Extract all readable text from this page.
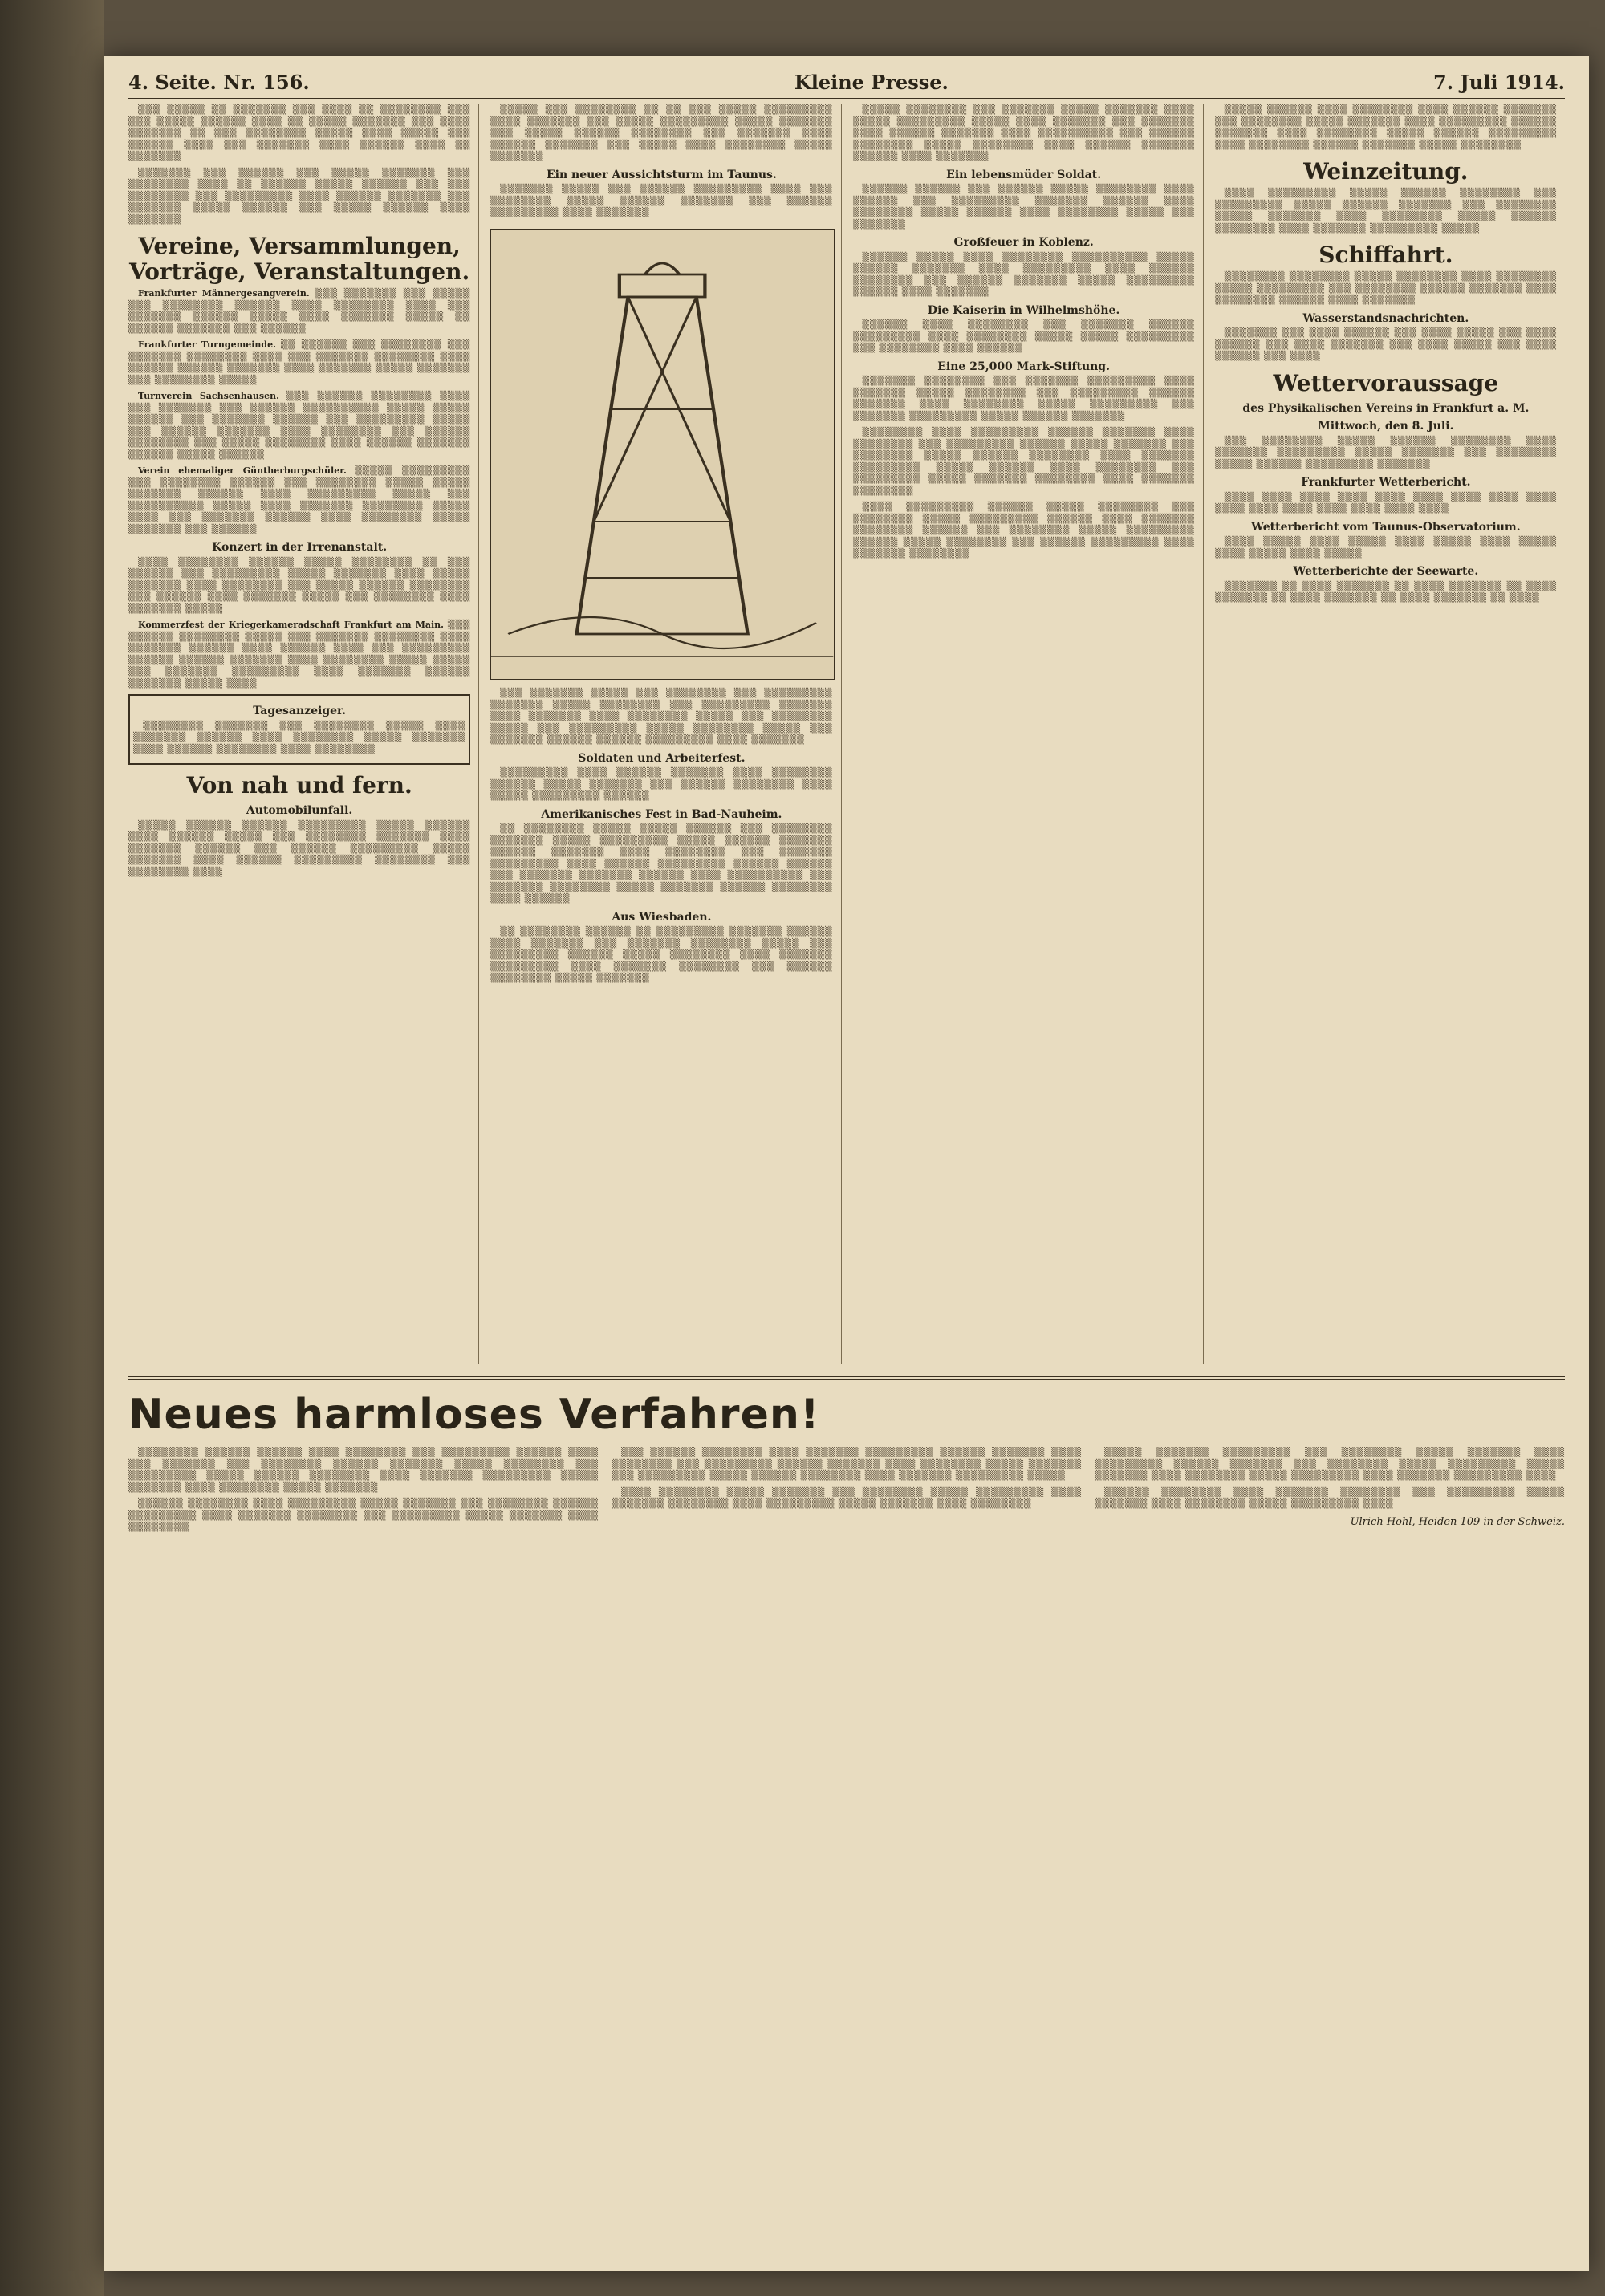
4. Seite. Nr. 156.	Kleine Presse.	7. Juli 1914.

▒▒▒ ▒▒▒▒▒ ▒▒ ▒▒▒▒▒▒▒ ▒▒▒ ▒▒▒▒ ▒▒ ▒▒▒▒▒▒▒▒ ▒▒▒ ▒▒▒ ▒▒▒▒▒ ▒▒▒▒▒▒ ▒▒▒▒ ▒▒ ▒▒▒▒▒ ▒▒▒▒▒▒▒ ▒▒▒ ▒▒▒▒ ▒▒▒▒▒▒▒ ▒▒ ▒▒▒ ▒▒▒▒▒▒▒▒ ▒▒▒▒▒ ▒▒▒▒ ▒▒▒▒▒ ▒▒▒ ▒▒▒▒▒▒ ▒▒▒▒ ▒▒▒ ▒▒▒▒▒▒▒ ▒▒▒▒ ▒▒▒▒▒▒ ▒▒▒▒ ▒▒ ▒▒▒▒▒▒▒

▒▒▒▒▒▒▒ ▒▒▒ ▒▒▒▒▒▒ ▒▒▒ ▒▒▒▒▒ ▒▒▒▒▒▒▒ ▒▒▒ ▒▒▒▒▒▒▒▒ ▒▒▒▒ ▒▒ ▒▒▒▒▒▒ ▒▒▒▒▒ ▒▒▒▒▒▒ ▒▒▒ ▒▒▒ ▒▒▒▒▒▒▒▒ ▒▒▒ ▒▒▒▒▒▒▒▒▒ ▒▒▒▒ ▒▒▒▒▒▒ ▒▒▒▒▒▒▒ ▒▒▒ ▒▒▒▒▒▒▒ ▒▒▒▒▒ ▒▒▒▒▒▒ ▒▒▒ ▒▒▒▒▒ ▒▒▒▒▒▒ ▒▒▒▒ ▒▒▒▒▒▒▒

Vereine, Versammlungen, Vorträge, Veranstaltungen.

Frankfurter Männergesangverein. ▒▒▒ ▒▒▒▒▒▒▒ ▒▒▒ ▒▒▒▒▒ ▒▒▒ ▒▒▒▒▒▒▒▒ ▒▒▒▒▒▒ ▒▒▒▒ ▒▒▒▒▒▒▒▒ ▒▒▒▒ ▒▒▒ ▒▒▒▒▒▒▒ ▒▒▒▒▒▒ ▒▒▒▒▒ ▒▒▒▒ ▒▒▒▒▒▒▒ ▒▒▒▒▒ ▒▒ ▒▒▒▒▒▒ ▒▒▒▒▒▒▒ ▒▒▒ ▒▒▒▒▒▒

Frankfurter Turngemeinde. ▒▒ ▒▒▒▒▒▒ ▒▒▒ ▒▒▒▒▒▒▒▒ ▒▒▒ ▒▒▒▒▒▒▒ ▒▒▒▒▒▒▒▒ ▒▒▒▒ ▒▒▒ ▒▒▒▒▒▒▒ ▒▒▒▒▒▒▒▒ ▒▒▒▒ ▒▒▒▒▒▒ ▒▒▒▒▒▒ ▒▒▒▒▒▒▒ ▒▒▒▒ ▒▒▒▒▒▒▒ ▒▒▒▒▒ ▒▒▒▒▒▒▒ ▒▒▒ ▒▒▒▒▒▒▒▒ ▒▒▒▒▒

Turnverein Sachsenhausen. ▒▒▒ ▒▒▒▒▒▒ ▒▒▒▒▒▒▒▒ ▒▒▒▒ ▒▒▒ ▒▒▒▒▒▒▒ ▒▒▒ ▒▒▒▒▒▒ ▒▒▒▒▒▒▒▒▒▒ ▒▒▒▒▒ ▒▒▒▒▒ ▒▒▒▒▒▒ ▒▒▒ ▒▒▒▒▒▒▒ ▒▒▒▒▒▒ ▒▒▒ ▒▒▒▒▒▒▒▒▒ ▒▒▒▒▒ ▒▒▒ ▒▒▒▒▒▒ ▒▒▒▒▒▒▒ ▒▒▒▒ ▒▒▒▒▒▒▒▒ ▒▒▒ ▒▒▒▒▒▒ ▒▒▒▒▒▒▒▒ ▒▒▒ ▒▒▒▒▒ ▒▒▒▒▒▒▒▒ ▒▒▒▒ ▒▒▒▒▒▒ ▒▒▒▒▒▒▒ ▒▒▒▒▒▒ ▒▒▒▒▒ ▒▒▒▒▒▒

Verein ehemaliger Güntherburgschüler. ▒▒▒▒▒ ▒▒▒▒▒▒▒▒▒ ▒▒▒ ▒▒▒▒▒▒▒▒ ▒▒▒▒▒▒ ▒▒▒ ▒▒▒▒▒▒▒▒ ▒▒▒▒▒ ▒▒▒▒▒ ▒▒▒▒▒▒▒ ▒▒▒▒▒▒ ▒▒▒▒ ▒▒▒▒▒▒▒▒▒ ▒▒▒▒▒ ▒▒▒ ▒▒▒▒▒▒▒▒▒▒ ▒▒▒▒▒ ▒▒▒▒ ▒▒▒▒▒▒▒ ▒▒▒▒▒▒▒▒ ▒▒▒▒▒ ▒▒▒▒ ▒▒▒ ▒▒▒▒▒▒▒ ▒▒▒▒▒▒ ▒▒▒▒ ▒▒▒▒▒▒▒▒ ▒▒▒▒▒ ▒▒▒▒▒▒▒ ▒▒▒ ▒▒▒▒▒▒

Konzert in der Irrenanstalt.

▒▒▒▒ ▒▒▒▒▒▒▒▒ ▒▒▒▒▒▒ ▒▒▒▒▒ ▒▒▒▒▒▒▒▒ ▒▒ ▒▒▒ ▒▒▒▒▒▒ ▒▒▒ ▒▒▒▒▒▒▒▒▒ ▒▒▒▒▒ ▒▒▒▒▒▒▒ ▒▒▒▒ ▒▒▒▒▒ ▒▒▒▒▒▒▒ ▒▒▒▒ ▒▒▒▒▒▒▒▒ ▒▒▒ ▒▒▒▒▒ ▒▒▒▒▒▒ ▒▒▒▒▒▒▒▒ ▒▒▒ ▒▒▒▒▒▒ ▒▒▒▒ ▒▒▒▒▒▒▒ ▒▒▒▒▒ ▒▒▒ ▒▒▒▒▒▒▒▒ ▒▒▒▒ ▒▒▒▒▒▒▒ ▒▒▒▒▒

Kommerzfest der Kriegerkameradschaft Frankfurt am Main. ▒▒▒ ▒▒▒▒▒▒ ▒▒▒▒▒▒▒▒ ▒▒▒▒▒ ▒▒▒ ▒▒▒▒▒▒▒ ▒▒▒▒▒▒▒▒ ▒▒▒▒ ▒▒▒▒▒▒▒ ▒▒▒▒▒▒ ▒▒▒▒ ▒▒▒▒▒▒ ▒▒▒▒ ▒▒▒ ▒▒▒▒▒▒▒▒▒ ▒▒▒▒▒▒ ▒▒▒▒▒▒ ▒▒▒▒▒▒▒ ▒▒▒▒ ▒▒▒▒▒▒▒▒ ▒▒▒▒▒ ▒▒▒▒▒ ▒▒▒ ▒▒▒▒▒▒▒ ▒▒▒▒▒▒▒▒▒ ▒▒▒▒ ▒▒▒▒▒▒▒ ▒▒▒▒▒▒ ▒▒▒▒▒▒▒ ▒▒▒▒▒ ▒▒▒▒

Tagesanzeiger.

▒▒▒▒▒▒▒▒ ▒▒▒▒▒▒▒ ▒▒▒ ▒▒▒▒▒▒▒▒ ▒▒▒▒▒ ▒▒▒▒ ▒▒▒▒▒▒▒ ▒▒▒▒▒▒ ▒▒▒▒ ▒▒▒▒▒▒▒▒ ▒▒▒▒▒ ▒▒▒▒▒▒▒ ▒▒▒▒ ▒▒▒▒▒▒ ▒▒▒▒▒▒▒▒ ▒▒▒▒ ▒▒▒▒▒▒▒▒

Von nah und fern.
Automobilunfall.

▒▒▒▒▒ ▒▒▒▒▒▒ ▒▒▒▒▒▒ ▒▒▒▒▒▒▒▒▒ ▒▒▒▒▒ ▒▒▒▒▒▒ ▒▒▒▒ ▒▒▒▒▒▒ ▒▒▒▒▒ ▒▒▒ ▒▒▒▒▒▒▒▒ ▒▒▒▒▒▒▒ ▒▒▒▒ ▒▒▒▒▒▒▒ ▒▒▒▒▒▒ ▒▒▒ ▒▒▒▒▒▒ ▒▒▒▒▒▒▒▒▒ ▒▒▒▒▒ ▒▒▒▒▒▒▒ ▒▒▒▒ ▒▒▒▒▒▒ ▒▒▒▒▒▒▒▒▒ ▒▒▒▒▒▒▒▒ ▒▒▒ ▒▒▒▒▒▒▒▒ ▒▒▒▒

▒▒▒▒▒ ▒▒▒ ▒▒▒▒▒▒▒▒ ▒▒ ▒▒ ▒▒▒ ▒▒▒▒▒ ▒▒▒▒▒▒▒▒▒ ▒▒▒▒ ▒▒▒▒▒▒▒ ▒▒▒ ▒▒▒▒▒ ▒▒▒▒▒▒▒▒▒ ▒▒▒▒▒ ▒▒▒▒▒▒▒ ▒▒▒ ▒▒▒▒▒ ▒▒▒▒▒▒ ▒▒▒▒▒▒▒▒ ▒▒▒ ▒▒▒▒▒▒▒ ▒▒▒▒ ▒▒▒▒▒▒ ▒▒▒▒▒▒▒ ▒▒▒ ▒▒▒▒▒ ▒▒▒▒ ▒▒▒▒▒▒▒▒ ▒▒▒▒▒ ▒▒▒▒▒▒▒

Ein neuer Aussichtsturm im Taunus.

▒▒▒▒▒▒▒ ▒▒▒▒▒ ▒▒▒ ▒▒▒▒▒▒ ▒▒▒▒▒▒▒▒▒ ▒▒▒▒ ▒▒▒ ▒▒▒▒▒▒▒▒ ▒▒▒▒▒ ▒▒▒▒▒▒ ▒▒▒▒▒▒▒ ▒▒▒ ▒▒▒▒▒▒ ▒▒▒▒▒▒▒▒▒ ▒▒▒▒ ▒▒▒▒▒▒▒

▒▒▒ ▒▒▒▒▒▒▒ ▒▒▒▒▒ ▒▒▒ ▒▒▒▒▒▒▒▒ ▒▒▒ ▒▒▒▒▒▒▒▒▒ ▒▒▒▒▒▒▒ ▒▒▒▒▒ ▒▒▒▒▒▒▒▒ ▒▒▒ ▒▒▒▒▒▒▒▒▒ ▒▒▒▒▒▒▒ ▒▒▒▒ ▒▒▒▒▒▒▒ ▒▒▒▒ ▒▒▒▒▒▒▒▒ ▒▒▒▒▒ ▒▒▒ ▒▒▒▒▒▒▒▒ ▒▒▒▒▒ ▒▒▒ ▒▒▒▒▒▒▒▒▒ ▒▒▒▒▒ ▒▒▒▒▒▒▒▒ ▒▒▒▒▒ ▒▒▒ ▒▒▒▒▒▒▒ ▒▒▒▒▒▒ ▒▒▒▒▒▒ ▒▒▒▒▒▒▒▒▒ ▒▒▒▒ ▒▒▒▒▒▒▒

Soldaten und Arbeiterfest.

▒▒▒▒▒▒▒▒▒ ▒▒▒▒ ▒▒▒▒▒▒ ▒▒▒▒▒▒▒ ▒▒▒▒ ▒▒▒▒▒▒▒▒ ▒▒▒▒▒▒ ▒▒▒▒▒ ▒▒▒▒▒▒▒ ▒▒▒ ▒▒▒▒▒▒ ▒▒▒▒▒▒▒▒ ▒▒▒▒ ▒▒▒▒▒ ▒▒▒▒▒▒▒▒▒ ▒▒▒▒▒▒

Amerikanisches Fest in Bad-Nauheim.

▒▒ ▒▒▒▒▒▒▒▒ ▒▒▒▒▒ ▒▒▒▒▒ ▒▒▒▒▒▒ ▒▒▒ ▒▒▒▒▒▒▒▒ ▒▒▒▒▒▒▒ ▒▒▒▒▒ ▒▒▒▒▒▒▒▒▒ ▒▒▒▒▒ ▒▒▒▒▒▒ ▒▒▒▒▒▒▒ ▒▒▒▒▒▒ ▒▒▒▒▒▒▒ ▒▒▒▒ ▒▒▒▒▒▒▒▒ ▒▒▒ ▒▒▒▒▒▒▒ ▒▒▒▒▒▒▒▒▒ ▒▒▒▒ ▒▒▒▒▒▒ ▒▒▒▒▒▒▒▒▒ ▒▒▒▒▒▒ ▒▒▒▒▒▒ ▒▒▒ ▒▒▒▒▒▒▒ ▒▒▒▒▒▒▒ ▒▒▒▒▒▒ ▒▒▒▒ ▒▒▒▒▒▒▒▒▒▒ ▒▒▒ ▒▒▒▒▒▒▒ ▒▒▒▒▒▒▒▒ ▒▒▒▒▒ ▒▒▒▒▒▒▒ ▒▒▒▒▒▒ ▒▒▒▒▒▒▒▒ ▒▒▒▒ ▒▒▒▒▒▒

Aus Wiesbaden.

▒▒ ▒▒▒▒▒▒▒▒ ▒▒▒▒▒▒ ▒▒ ▒▒▒▒▒▒▒▒▒ ▒▒▒▒▒▒▒ ▒▒▒▒▒▒ ▒▒▒▒ ▒▒▒▒▒▒▒ ▒▒▒ ▒▒▒▒▒▒▒ ▒▒▒▒▒▒▒▒ ▒▒▒▒▒ ▒▒▒ ▒▒▒▒▒▒▒▒▒ ▒▒▒▒▒▒ ▒▒▒▒▒ ▒▒▒▒▒▒▒▒ ▒▒▒▒ ▒▒▒▒▒▒▒ ▒▒▒▒▒▒▒▒▒ ▒▒▒▒ ▒▒▒▒▒▒▒ ▒▒▒▒▒▒▒▒ ▒▒▒ ▒▒▒▒▒▒ ▒▒▒▒▒▒▒▒ ▒▒▒▒▒ ▒▒▒▒▒▒▒

▒▒▒▒▒ ▒▒▒▒▒▒▒▒ ▒▒▒ ▒▒▒▒▒▒▒ ▒▒▒▒▒ ▒▒▒▒▒▒▒ ▒▒▒▒ ▒▒▒▒▒ ▒▒▒▒▒▒▒▒▒ ▒▒▒▒▒ ▒▒▒▒ ▒▒▒▒▒▒▒ ▒▒▒ ▒▒▒▒▒▒▒ ▒▒▒▒ ▒▒▒▒▒▒ ▒▒▒▒▒▒▒ ▒▒▒▒ ▒▒▒▒▒▒▒▒▒▒ ▒▒▒ ▒▒▒▒▒▒ ▒▒▒▒▒▒▒▒ ▒▒▒▒▒ ▒▒▒▒▒▒▒▒ ▒▒▒▒ ▒▒▒▒▒▒ ▒▒▒▒▒▒▒ ▒▒▒▒▒▒ ▒▒▒▒ ▒▒▒▒▒▒▒

Ein lebensmüder Soldat.

▒▒▒▒▒▒ ▒▒▒▒▒▒ ▒▒▒ ▒▒▒▒▒▒ ▒▒▒▒▒ ▒▒▒▒▒▒▒▒ ▒▒▒▒ ▒▒▒▒▒▒ ▒▒▒ ▒▒▒▒▒▒▒▒▒ ▒▒▒▒▒▒▒ ▒▒▒▒▒▒ ▒▒▒▒ ▒▒▒▒▒▒▒▒ ▒▒▒▒▒ ▒▒▒▒▒▒ ▒▒▒▒ ▒▒▒▒▒▒▒▒ ▒▒▒▒▒ ▒▒▒ ▒▒▒▒▒▒▒

Großfeuer in Koblenz.

▒▒▒▒▒▒ ▒▒▒▒▒ ▒▒▒▒ ▒▒▒▒▒▒▒▒ ▒▒▒▒▒▒▒▒▒▒ ▒▒▒▒▒ ▒▒▒▒▒▒ ▒▒▒▒▒▒▒ ▒▒▒▒ ▒▒▒▒▒▒▒▒▒ ▒▒▒▒ ▒▒▒▒▒▒ ▒▒▒▒▒▒▒▒ ▒▒▒ ▒▒▒▒▒▒ ▒▒▒▒▒▒▒ ▒▒▒▒▒ ▒▒▒▒▒▒▒▒▒ ▒▒▒▒▒▒ ▒▒▒▒ ▒▒▒▒▒▒▒

Die Kaiserin in Wilhelmshöhe.

▒▒▒▒▒▒ ▒▒▒▒ ▒▒▒▒▒▒▒▒ ▒▒▒ ▒▒▒▒▒▒▒ ▒▒▒▒▒▒ ▒▒▒▒▒▒▒▒▒ ▒▒▒▒ ▒▒▒▒▒▒▒▒ ▒▒▒▒▒ ▒▒▒▒▒ ▒▒▒▒▒▒▒▒▒ ▒▒▒ ▒▒▒▒▒▒▒▒ ▒▒▒▒ ▒▒▒▒▒▒

Eine 25,000 Mark-Stiftung.

▒▒▒▒▒▒▒ ▒▒▒▒▒▒▒▒ ▒▒▒ ▒▒▒▒▒▒▒ ▒▒▒▒▒▒▒▒▒ ▒▒▒▒ ▒▒▒▒▒▒▒ ▒▒▒▒▒ ▒▒▒▒▒▒▒▒ ▒▒▒ ▒▒▒▒▒▒▒▒▒ ▒▒▒▒▒▒ ▒▒▒▒▒▒▒ ▒▒▒▒ ▒▒▒▒▒▒▒▒ ▒▒▒▒▒ ▒▒▒▒▒▒▒▒▒ ▒▒▒ ▒▒▒▒▒▒▒ ▒▒▒▒▒▒▒▒▒ ▒▒▒▒▒ ▒▒▒▒▒▒ ▒▒▒▒▒▒▒

▒▒▒▒▒▒▒▒ ▒▒▒▒ ▒▒▒▒▒▒▒▒▒ ▒▒▒▒▒▒ ▒▒▒▒▒▒▒ ▒▒▒▒ ▒▒▒▒▒▒▒▒ ▒▒▒ ▒▒▒▒▒▒▒▒▒ ▒▒▒▒▒▒ ▒▒▒▒▒ ▒▒▒▒▒▒▒ ▒▒▒ ▒▒▒▒▒▒▒▒ ▒▒▒▒▒ ▒▒▒▒▒▒ ▒▒▒▒▒▒▒▒ ▒▒▒▒ ▒▒▒▒▒▒▒ ▒▒▒▒▒▒▒▒▒ ▒▒▒▒▒ ▒▒▒▒▒▒ ▒▒▒▒ ▒▒▒▒▒▒▒▒ ▒▒▒ ▒▒▒▒▒▒▒▒▒ ▒▒▒▒▒ ▒▒▒▒▒▒▒ ▒▒▒▒▒▒▒▒ ▒▒▒▒ ▒▒▒▒▒▒▒ ▒▒▒▒▒▒▒▒

▒▒▒▒ ▒▒▒▒▒▒▒▒▒ ▒▒▒▒▒▒ ▒▒▒▒▒ ▒▒▒▒▒▒▒▒ ▒▒▒ ▒▒▒▒▒▒▒▒ ▒▒▒▒▒ ▒▒▒▒▒▒▒▒▒ ▒▒▒▒▒▒ ▒▒▒▒ ▒▒▒▒▒▒▒ ▒▒▒▒▒▒▒▒ ▒▒▒▒▒▒ ▒▒▒ ▒▒▒▒▒▒▒▒ ▒▒▒▒▒ ▒▒▒▒▒▒▒▒▒ ▒▒▒▒▒▒ ▒▒▒▒▒ ▒▒▒▒▒▒▒▒ ▒▒▒ ▒▒▒▒▒▒ ▒▒▒▒▒▒▒▒▒ ▒▒▒▒ ▒▒▒▒▒▒▒ ▒▒▒▒▒▒▒▒

▒▒▒▒▒ ▒▒▒▒▒▒ ▒▒▒▒ ▒▒▒▒▒▒▒▒ ▒▒▒▒ ▒▒▒▒▒▒ ▒▒▒▒▒▒▒ ▒▒▒ ▒▒▒▒▒▒▒▒ ▒▒▒▒▒ ▒▒▒▒▒▒▒ ▒▒▒▒ ▒▒▒▒▒▒▒▒▒ ▒▒▒▒▒▒ ▒▒▒▒▒▒▒ ▒▒▒▒ ▒▒▒▒▒▒▒▒ ▒▒▒▒▒ ▒▒▒▒▒▒ ▒▒▒▒▒▒▒▒▒ ▒▒▒▒ ▒▒▒▒▒▒▒▒ ▒▒▒▒▒▒ ▒▒▒▒▒▒▒ ▒▒▒▒▒ ▒▒▒▒▒▒▒▒

Weinzeitung.

▒▒▒▒ ▒▒▒▒▒▒▒▒▒ ▒▒▒▒▒ ▒▒▒▒▒▒ ▒▒▒▒▒▒▒▒ ▒▒▒ ▒▒▒▒▒▒▒▒▒ ▒▒▒▒▒ ▒▒▒▒▒▒ ▒▒▒▒▒▒▒ ▒▒▒ ▒▒▒▒▒▒▒▒ ▒▒▒▒▒ ▒▒▒▒▒▒▒ ▒▒▒▒ ▒▒▒▒▒▒▒▒ ▒▒▒▒▒ ▒▒▒▒▒▒ ▒▒▒▒▒▒▒▒ ▒▒▒▒ ▒▒▒▒▒▒▒ ▒▒▒▒▒▒▒▒▒ ▒▒▒▒▒

Schiffahrt.

▒▒▒▒▒▒▒▒ ▒▒▒▒▒▒▒▒ ▒▒▒▒▒ ▒▒▒▒▒▒▒▒ ▒▒▒▒ ▒▒▒▒▒▒▒▒ ▒▒▒▒▒ ▒▒▒▒▒▒▒▒▒ ▒▒▒ ▒▒▒▒▒▒▒▒ ▒▒▒▒▒▒ ▒▒▒▒▒▒▒ ▒▒▒▒ ▒▒▒▒▒▒▒▒ ▒▒▒▒▒▒ ▒▒▒▒ ▒▒▒▒▒▒▒

Wasserstandsnachrichten.

▒▒▒▒▒▒▒ ▒▒▒ ▒▒▒▒ ▒▒▒▒▒▒ ▒▒▒ ▒▒▒▒ ▒▒▒▒▒ ▒▒▒ ▒▒▒▒ ▒▒▒▒▒▒ ▒▒▒ ▒▒▒▒ ▒▒▒▒▒▒▒ ▒▒▒ ▒▒▒▒ ▒▒▒▒▒ ▒▒▒ ▒▒▒▒ ▒▒▒▒▒▒ ▒▒▒ ▒▒▒▒

Wettervoraussage
des Physikalischen Vereins in Frankfurt a. M.
Mittwoch, den 8. Juli.

▒▒▒ ▒▒▒▒▒▒▒▒ ▒▒▒▒▒ ▒▒▒▒▒▒ ▒▒▒▒▒▒▒▒ ▒▒▒▒ ▒▒▒▒▒▒▒ ▒▒▒▒▒▒▒▒▒ ▒▒▒▒▒ ▒▒▒▒▒▒▒ ▒▒▒ ▒▒▒▒▒▒▒▒ ▒▒▒▒▒ ▒▒▒▒▒▒ ▒▒▒▒▒▒▒▒▒ ▒▒▒▒▒▒▒

Frankfurter Wetterbericht.

▒▒▒▒ ▒▒▒▒ ▒▒▒▒ ▒▒▒▒ ▒▒▒▒ ▒▒▒▒ ▒▒▒▒ ▒▒▒▒ ▒▒▒▒ ▒▒▒▒ ▒▒▒▒ ▒▒▒▒ ▒▒▒▒ ▒▒▒▒ ▒▒▒▒ ▒▒▒▒

Wetterbericht vom Taunus-Observatorium.

▒▒▒▒ ▒▒▒▒▒ ▒▒▒▒ ▒▒▒▒▒ ▒▒▒▒ ▒▒▒▒▒ ▒▒▒▒ ▒▒▒▒▒ ▒▒▒▒ ▒▒▒▒▒ ▒▒▒▒ ▒▒▒▒▒

Wetterberichte der Seewarte.

▒▒▒▒▒▒▒ ▒▒ ▒▒▒▒ ▒▒▒▒▒▒▒ ▒▒ ▒▒▒▒ ▒▒▒▒▒▒▒ ▒▒ ▒▒▒▒ ▒▒▒▒▒▒▒ ▒▒ ▒▒▒▒ ▒▒▒▒▒▒▒ ▒▒ ▒▒▒▒ ▒▒▒▒▒▒▒ ▒▒ ▒▒▒▒

Neues harmloses Verfahren!

▒▒▒▒▒▒▒▒ ▒▒▒▒▒▒ ▒▒▒▒▒▒ ▒▒▒▒ ▒▒▒▒▒▒▒▒ ▒▒▒ ▒▒▒▒▒▒▒▒▒ ▒▒▒▒▒▒ ▒▒▒▒ ▒▒▒ ▒▒▒▒▒▒▒ ▒▒▒ ▒▒▒▒▒▒▒▒ ▒▒▒▒▒▒ ▒▒▒▒▒▒▒ ▒▒▒▒▒ ▒▒▒▒▒▒▒▒ ▒▒▒ ▒▒▒▒▒▒▒▒▒ ▒▒▒▒▒ ▒▒▒▒▒▒ ▒▒▒▒▒▒▒▒ ▒▒▒▒ ▒▒▒▒▒▒▒ ▒▒▒▒▒▒▒▒▒ ▒▒▒▒▒ ▒▒▒▒▒▒▒ ▒▒▒▒ ▒▒▒▒▒▒▒▒ ▒▒▒▒▒ ▒▒▒▒▒▒▒

▒▒▒▒▒▒ ▒▒▒▒▒▒▒▒ ▒▒▒▒ ▒▒▒▒▒▒▒▒▒ ▒▒▒▒▒ ▒▒▒▒▒▒▒ ▒▒▒ ▒▒▒▒▒▒▒▒ ▒▒▒▒▒▒ ▒▒▒▒▒▒▒▒▒ ▒▒▒▒ ▒▒▒▒▒▒▒ ▒▒▒▒▒▒▒▒ ▒▒▒ ▒▒▒▒▒▒▒▒▒ ▒▒▒▒▒ ▒▒▒▒▒▒▒ ▒▒▒▒ ▒▒▒▒▒▒▒▒

▒▒▒ ▒▒▒▒▒▒ ▒▒▒▒▒▒▒▒ ▒▒▒▒ ▒▒▒▒▒▒▒ ▒▒▒▒▒▒▒▒▒ ▒▒▒▒▒▒ ▒▒▒▒▒▒▒ ▒▒▒▒ ▒▒▒▒▒▒▒▒ ▒▒▒ ▒▒▒▒▒▒▒▒▒ ▒▒▒▒▒▒ ▒▒▒▒▒▒▒ ▒▒▒▒ ▒▒▒▒▒▒▒▒ ▒▒▒▒▒ ▒▒▒▒▒▒▒ ▒▒▒ ▒▒▒▒▒▒▒▒▒ ▒▒▒▒▒ ▒▒▒▒▒▒ ▒▒▒▒▒▒▒▒ ▒▒▒▒ ▒▒▒▒▒▒▒ ▒▒▒▒▒▒▒▒▒ ▒▒▒▒▒

▒▒▒▒ ▒▒▒▒▒▒▒▒ ▒▒▒▒▒ ▒▒▒▒▒▒▒ ▒▒▒ ▒▒▒▒▒▒▒▒ ▒▒▒▒▒ ▒▒▒▒▒▒▒▒▒ ▒▒▒▒ ▒▒▒▒▒▒▒ ▒▒▒▒▒▒▒▒ ▒▒▒▒ ▒▒▒▒▒▒▒▒▒ ▒▒▒▒▒ ▒▒▒▒▒▒▒ ▒▒▒▒ ▒▒▒▒▒▒▒▒

▒▒▒▒▒ ▒▒▒▒▒▒▒ ▒▒▒▒▒▒▒▒▒ ▒▒▒ ▒▒▒▒▒▒▒▒ ▒▒▒▒▒ ▒▒▒▒▒▒▒ ▒▒▒▒ ▒▒▒▒▒▒▒▒▒ ▒▒▒▒▒▒ ▒▒▒▒▒▒▒ ▒▒▒ ▒▒▒▒▒▒▒▒ ▒▒▒▒▒ ▒▒▒▒▒▒▒▒▒ ▒▒▒▒▒ ▒▒▒▒▒▒▒ ▒▒▒▒ ▒▒▒▒▒▒▒▒ ▒▒▒▒▒ ▒▒▒▒▒▒▒▒▒ ▒▒▒▒ ▒▒▒▒▒▒▒ ▒▒▒▒▒▒▒▒▒ ▒▒▒▒

▒▒▒▒▒▒ ▒▒▒▒▒▒▒▒ ▒▒▒▒ ▒▒▒▒▒▒▒ ▒▒▒▒▒▒▒▒ ▒▒▒ ▒▒▒▒▒▒▒▒▒ ▒▒▒▒▒ ▒▒▒▒▒▒▒ ▒▒▒▒ ▒▒▒▒▒▒▒▒ ▒▒▒▒▒ ▒▒▒▒▒▒▒▒▒ ▒▒▒▒

Ulrich Hohl, Heiden 109 in der Schweiz.
